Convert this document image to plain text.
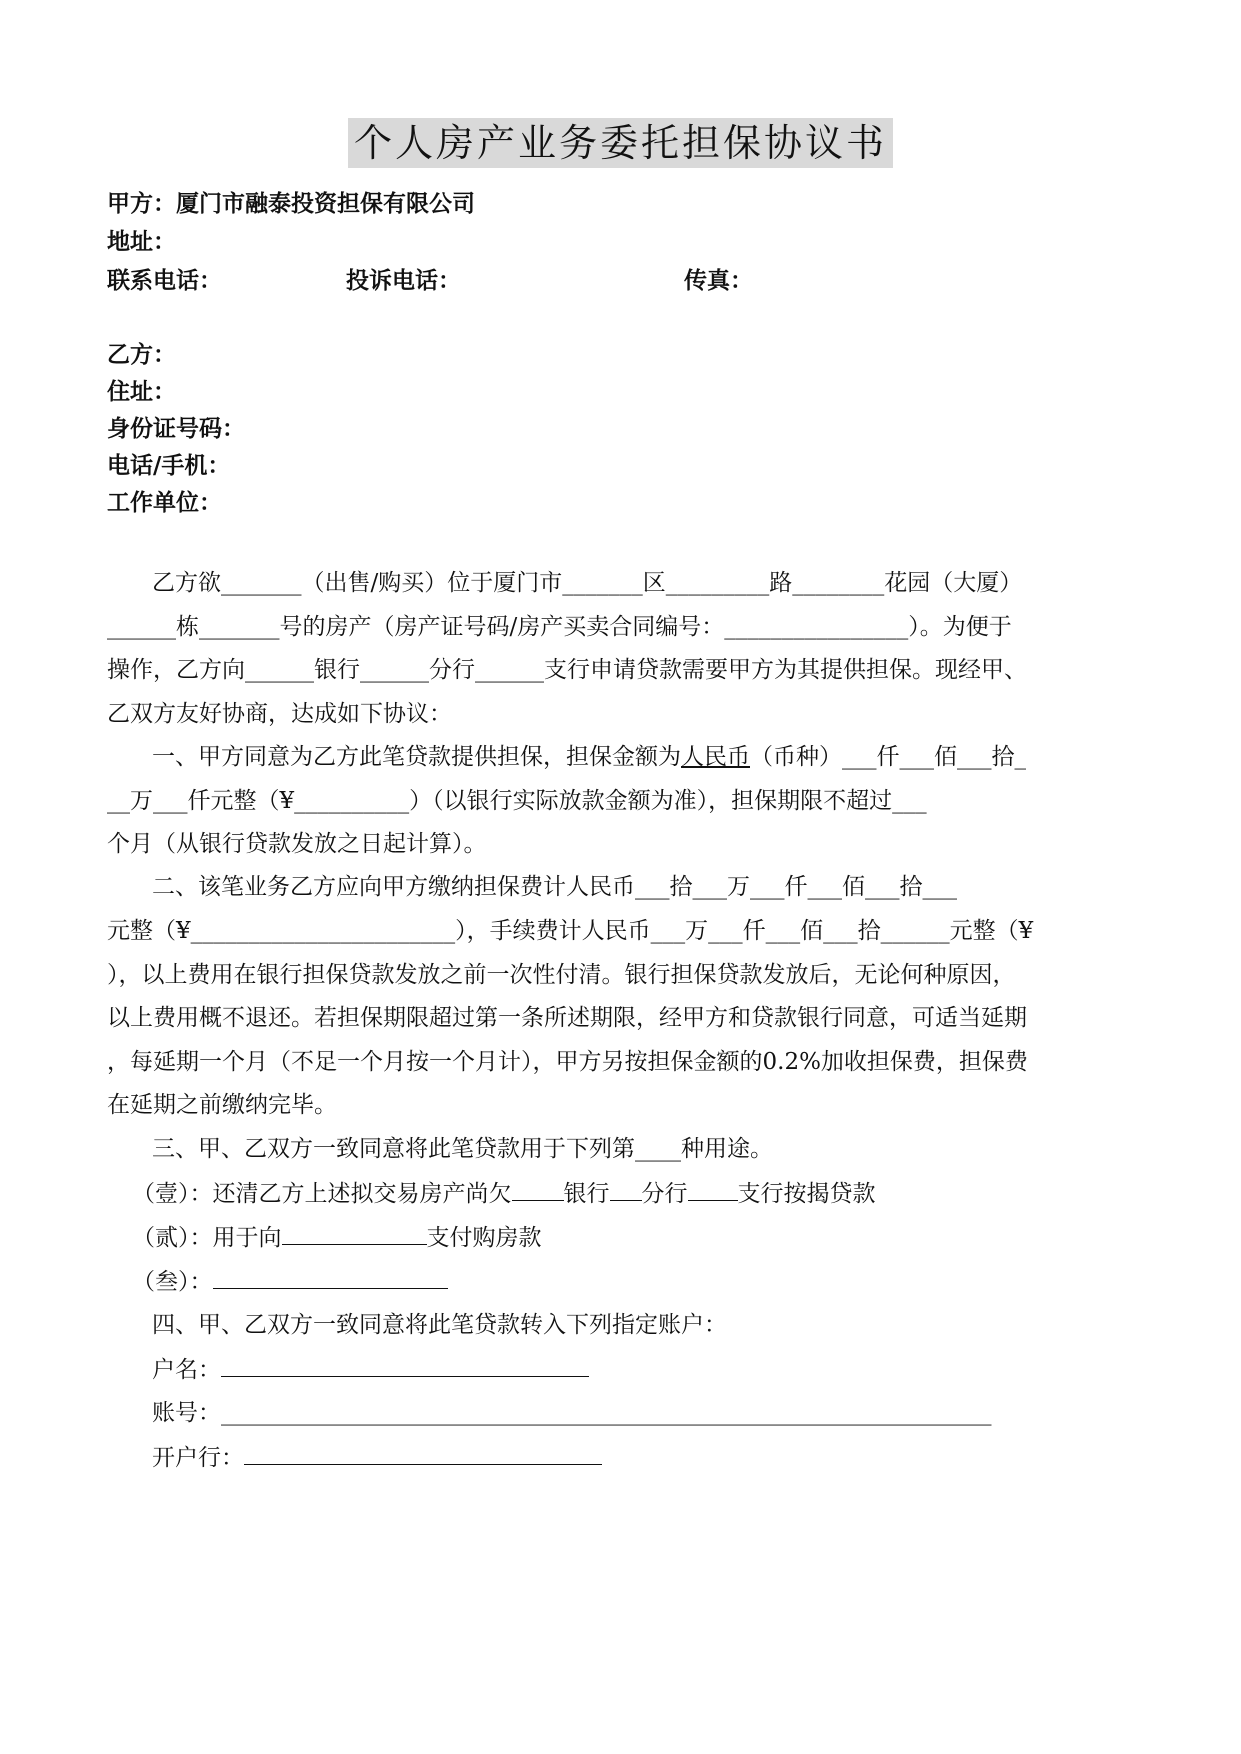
个人房产业务委托担保协议书
甲方：厦门市融泰投资担保有限公司
地址：
联系电话：	投诉电话：	传真：
乙方：
住址：
身份证号码：
电话/手机：
工作单位：
乙方欲_______（出售/购买）位于厦门市_______区_________路________花园（大厦）
______栋_______号的房产（房产证号码/房产买卖合同编号：________________）。为便于
操作，乙方向______银行______分行______支行申请贷款需要甲方为其提供担保。现经甲、
乙双方友好协商，达成如下协议：
一、甲方同意为乙方此笔贷款提供担保，担保金额为人民币（币种）___仟___佰___拾_
__万___仟元整（¥__________）（以银行实际放款金额为准），担保期限不超过___
个月（从银行贷款发放之日起计算）。
二、该笔业务乙方应向甲方缴纳担保费计人民币___拾___万___仟___佰___拾___
元整（¥_______________________），手续费计人民币___万___仟___佰___拾______元整（¥
），以上费用在银行担保贷款发放之前一次性付清。银行担保贷款发放后，无论何种原因，
以上费用概不退还。若担保期限超过第一条所述期限，经甲方和贷款银行同意，可适当延期
，每延期一个月（不足一个月按一个月计），甲方另按担保金额的0.2%加收担保费，担保费
在延期之前缴纳完毕。
三、甲、乙双方一致同意将此笔贷款用于下列第____种用途。
（壹）：还清乙方上述拟交易房产尚欠 银行 分行 支行按揭贷款
（贰）：用于向	支付购房款
（叁）：
四、甲、乙双方一致同意将此笔贷款转入下列指定账户：
户名：
账号：___________________________________________________________________
开户行：
